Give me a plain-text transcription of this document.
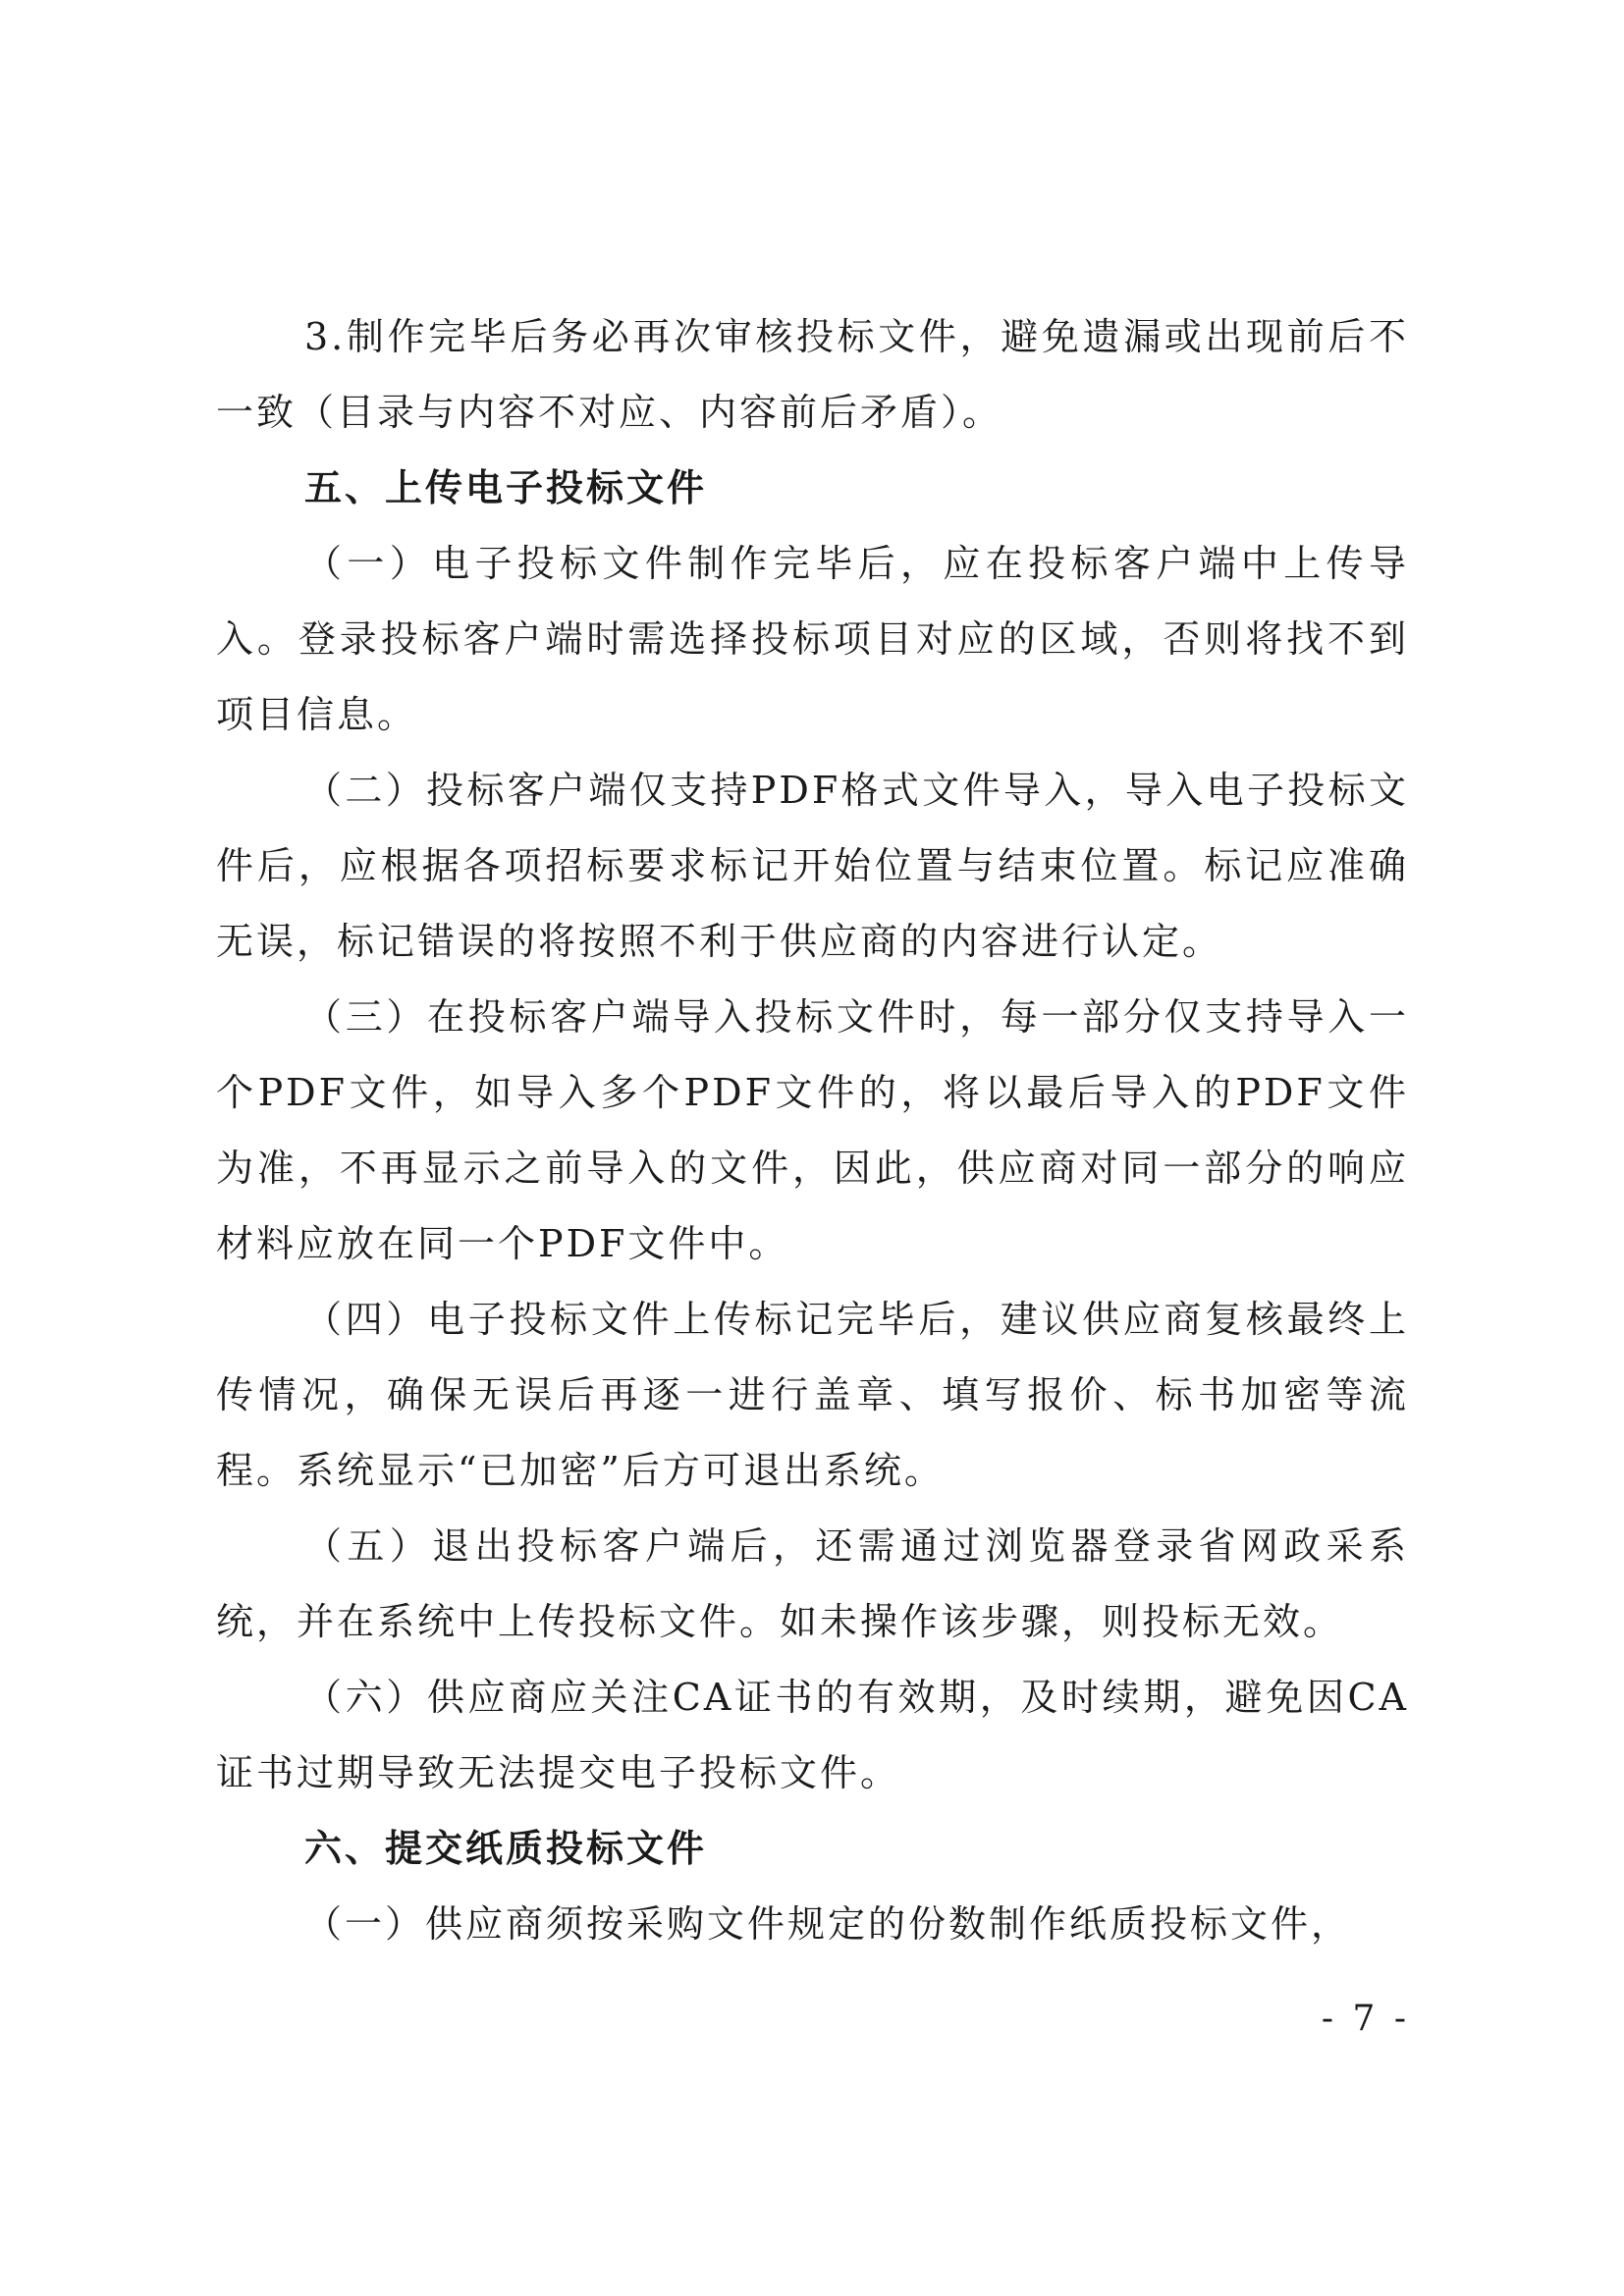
3.制作完毕后务必再次审核投标文件，避免遗漏或出现前后不一致（目录与内容不对应、内容前后矛盾）。

五、上传电子投标文件

（一）电子投标文件制作完毕后，应在投标客户端中上传导入。登录投标客户端时需选择投标项目对应的区域，否则将找不到项目信息。

（二）投标客户端仅支持PDF格式文件导入，导入电子投标文件后，应根据各项招标要求标记开始位置与结束位置。标记应准确无误，标记错误的将按照不利于供应商的内容进行认定。

（三）在投标客户端导入投标文件时，每一部分仅支持导入一个PDF文件，如导入多个PDF文件的，将以最后导入的PDF文件为准，不再显示之前导入的文件，因此，供应商对同一部分的响应材料应放在同一个PDF文件中。

（四）电子投标文件上传标记完毕后，建议供应商复核最终上传情况，确保无误后再逐一进行盖章、填写报价、标书加密等流程。系统显示“已加密”后方可退出系统。

（五）退出投标客户端后，还需通过浏览器登录省网政采系统，并在系统中上传投标文件。如未操作该步骤，则投标无效。

（六）供应商应关注CA证书的有效期，及时续期，避免因CA证书过期导致无法提交电子投标文件。

六、提交纸质投标文件

（一）供应商须按采购文件规定的份数制作纸质投标文件，

- 7 -
